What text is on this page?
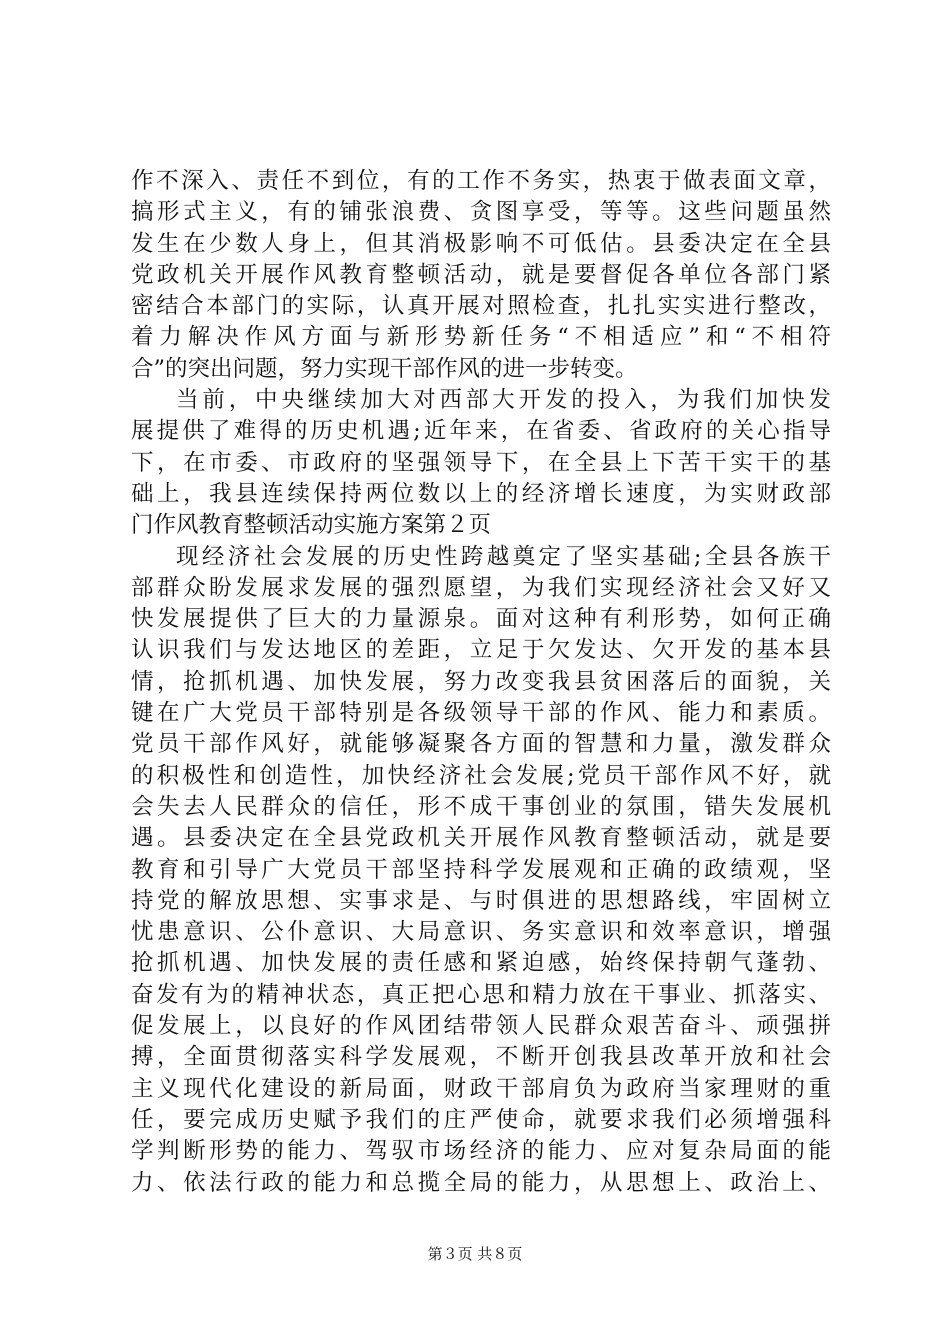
作不深入、责任不到位，有的工作不务实，热衷于做表面文章，
搞形式主义，有的铺张浪费、贪图享受，等等。这些问题虽然
发生在少数人身上，但其消极影响不可低估。县委决定在全县
党政机关开展作风教育整顿活动，就是要督促各单位各部门紧
密结合本部门的实际，认真开展对照检查，扎扎实实进行整改，
着力解决作风方面与新形势新任务“不相适应”和“不相符
合”的突出问题，努力实现干部作风的进一步转变。
当前，中央继续加大对西部大开发的投入，为我们加快发
展提供了难得的历史机遇;近年来，在省委、省政府的关心指导
下，在市委、市政府的坚强领导下，在全县上下苦干实干的基
础上，我县连续保持两位数以上的经济增长速度，为实财政部
门作风教育整顿活动实施方案第２页
现经济社会发展的历史性跨越奠定了坚实基础;全县各族干
部群众盼发展求发展的强烈愿望，为我们实现经济社会又好又
快发展提供了巨大的力量源泉。面对这种有利形势，如何正确
认识我们与发达地区的差距，立足于欠发达、欠开发的基本县
情，抢抓机遇、加快发展，努力改变我县贫困落后的面貌，关
键在广大党员干部特别是各级领导干部的作风、能力和素质。
党员干部作风好，就能够凝聚各方面的智慧和力量，激发群众
的积极性和创造性，加快经济社会发展;党员干部作风不好，就
会失去人民群众的信任，形不成干事创业的氛围，错失发展机
遇。县委决定在全县党政机关开展作风教育整顿活动，就是要
教育和引导广大党员干部坚持科学发展观和正确的政绩观，坚
持党的解放思想、实事求是、与时俱进的思想路线，牢固树立
忧患意识、公仆意识、大局意识、务实意识和效率意识，增强
抢抓机遇、加快发展的责任感和紧迫感，始终保持朝气蓬勃、
奋发有为的精神状态，真正把心思和精力放在干事业、抓落实、
促发展上，以良好的作风团结带领人民群众艰苦奋斗、顽强拼
搏，全面贯彻落实科学发展观，不断开创我县改革开放和社会
主义现代化建设的新局面，财政干部肩负为政府当家理财的重
任，要完成历史赋予我们的庄严使命，就要求我们必须增强科
学判断形势的能力、驾驭市场经济的能力、应对复杂局面的能
力、依法行政的能力和总揽全局的能力，从思想上、政治上、
第３页 共８页
